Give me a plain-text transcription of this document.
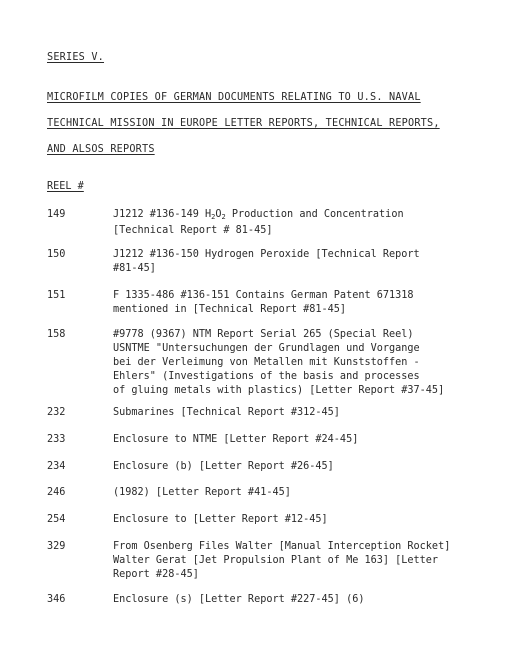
SERIES V.
MICROFILM COPIES OF GERMAN DOCUMENTS RELATING TO U.S. NAVAL
TECHNICAL MISSION IN EUROPE LETTER REPORTS, TECHNICAL REPORTS,
AND ALSOS REPORTS
REEL #
149	J1212 #136-149 $H_2O_2$ Production and Concentration
[Technical Report # 81-45]
150	J1212 #136-150 Hydrogen Peroxide [Technical Report
#81-45]
151	F 1335-486 #136-151 Contains German Patent 671318
mentioned in [Technical Report #81-45]
158	#9778 (9367) NTM Report Serial 265 (Special Reel)
USNTME "Untersuchungen der Grundlagen und Vorgange
bei der Verleimung von Metallen mit Kunststoffen -
Ehlers" (Investigations of the basis and processes
of gluing metals with plastics) [Letter Report #37-45]
232	Submarines [Technical Report #312-45]
233	Enclosure to NTME [Letter Report #24-45]
234	Enclosure (b) [Letter Report #26-45]
246	(1982) [Letter Report #41-45]
254	Enclosure to [Letter Report #12-45]
329	From Osenberg Files Walter [Manual Interception Rocket]
Walter Gerat [Jet Propulsion Plant of Me 163] [Letter
Report #28-45]
346	Enclosure (s) [Letter Report #227-45] (6)
